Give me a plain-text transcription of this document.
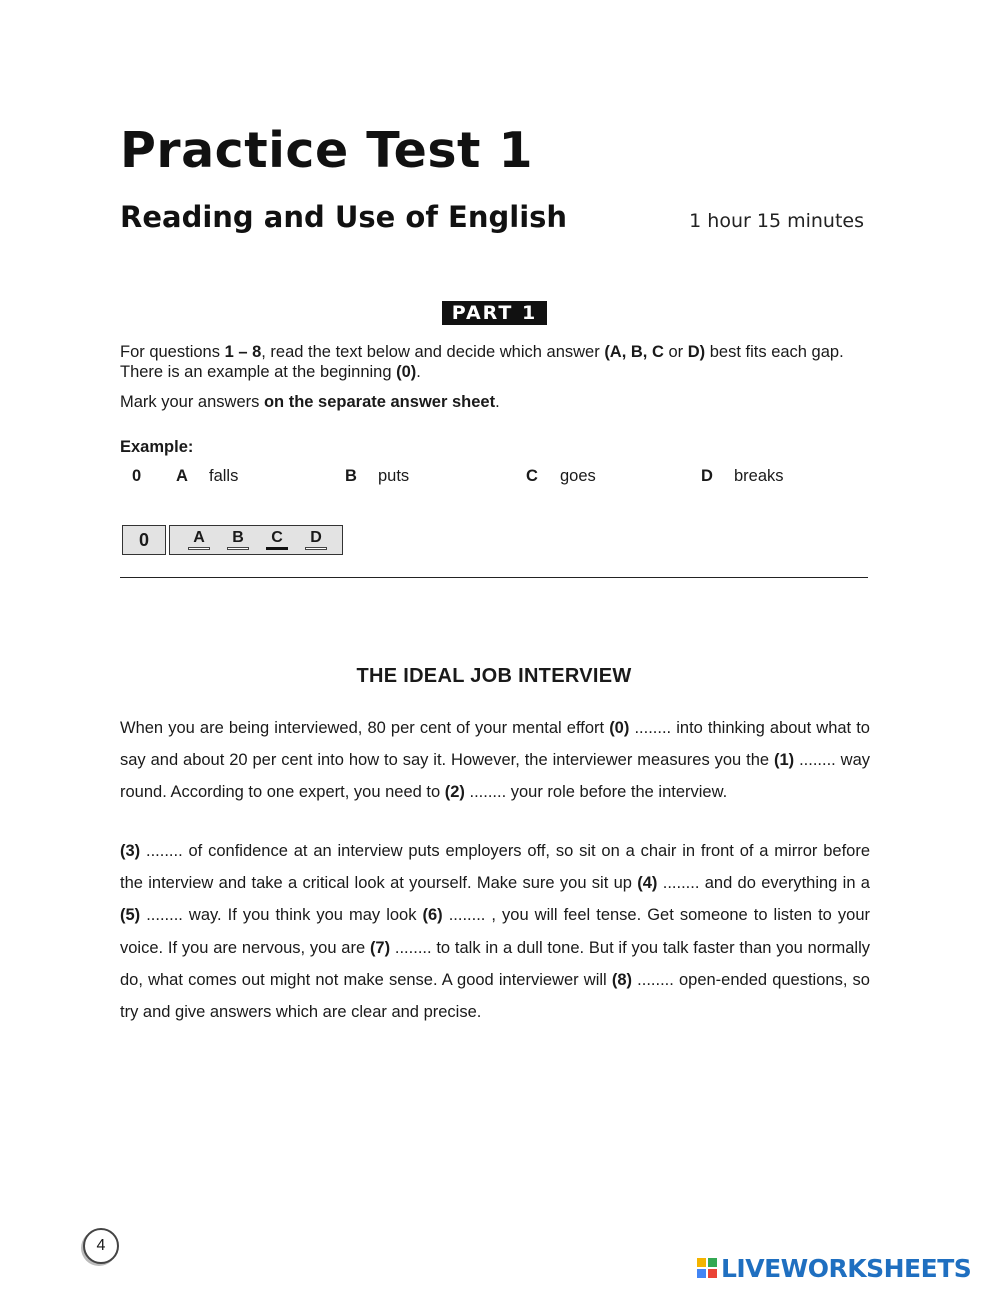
Practice Test 1
Reading and Use of English	1 hour 15 minutes
PART 1

For questions 1 – 8, read the text below and decide which answer (A, B, C or D) best fits each gap. There is an example at the beginning (0).

Mark your answers on the separate answer sheet.

Example:
0 A falls	B puts	C goes	D breaks
0	A	B	C	D
THE IDEAL JOB INTERVIEW
When you are being interviewed, 80 per cent of your mental effort (0) ........ into thinking about what to say and about 20 per cent into how to say it. However, the interviewer measures you the (1) ........ way round. According to one expert, you need to (2) ........ your role before the interview.
(3) ........ of confidence at an interview puts employers off, so sit on a chair in front of a mirror before the interview and take a critical look at yourself. Make sure you sit up (4) ........ and do everything in a (5) ........ way. If you think you may look (6) ........ , you will feel tense. Get someone to listen to your voice. If you are nervous, you are (7) ........ to talk in a dull tone. But if you talk faster than you normally do, what comes out might not make sense. A good interviewer will (8) ........ open-ended questions, so try and give answers which are clear and precise.
4
LIVEWORKSHEETS
